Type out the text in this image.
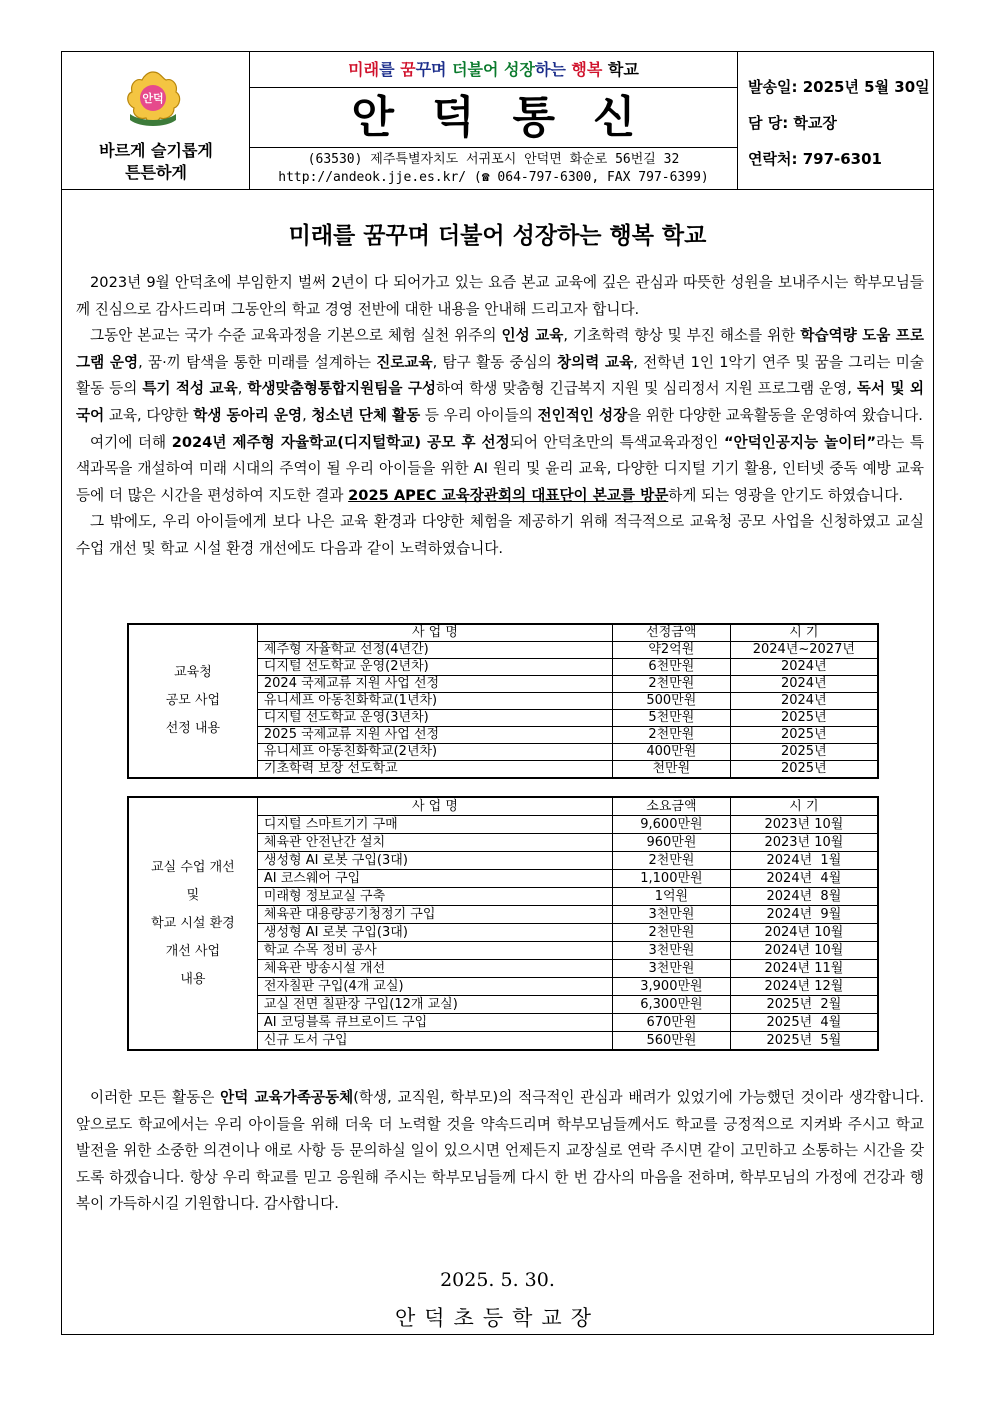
안덕
바르게 슬기롭게 튼튼하게
미래를 꿈꾸며 더불어 성장하는 행복 학교
안덕통신
(63530) 제주특별자치도 서귀포시 안덕면 화순로 56번길 32
http://andeok.jje.es.kr/ (☎ 064-797-6300, FAX 797-6399)
발송일: 2025년 5월 30일
담 당: 학교장
연락처: 797-6301
미래를 꿈꾸며 더불어 성장하는 행복 학교

2023년 9월 안덕초에 부임한지 벌써 2년이 다 되어가고 있는 요즘 본교 교육에 깊은 관심과 따뜻한 성원을 보내주시는 학부모님들께 진심으로 감사드리며 그동안의 학교 경영 전반에 대한 내용을 안내해 드리고자 합니다.

그동안 본교는 국가 수준 교육과정을 기본으로 체험 실천 위주의 인성 교육, 기초학력 향상 및 부진 해소를 위한 학습역량 도움 프로그램 운영, 꿈·끼 탐색을 통한 미래를 설계하는 진로교육, 탐구 활동 중심의 창의력 교육, 전학년 1인 1악기 연주 및 꿈을 그리는 미술 활동 등의 특기 적성 교육, 학생맞춤형통합지원팀을 구성하여 학생 맞춤형 긴급복지 지원 및 심리정서 지원 프로그램 운영, 독서 및 외국어 교육, 다양한 학생 동아리 운영, 청소년 단체 활동 등 우리 아이들의 전인적인 성장을 위한 다양한 교육활동을 운영하여 왔습니다.

여기에 더해 2024년 제주형 자율학교(디지털학교) 공모 후 선정되어 안덕초만의 특색교육과정인 “안덕인공지능 놀이터”라는 특색과목을 개설하여 미래 시대의 주역이 될 우리 아이들을 위한 AI 원리 및 윤리 교육, 다양한 디지털 기기 활용, 인터넷 중독 예방 교육 등에 더 많은 시간을 편성하여 지도한 결과 2025 APEC 교육장관회의 대표단이 본교를 방문하게 되는 영광을 안기도 하였습니다.

그 밖에도, 우리 아이들에게 보다 나은 교육 환경과 다양한 체험을 제공하기 위해 적극적으로 교육청 공모 사업을 신청하였고 교실 수업 개선 및 학교 시설 환경 개선에도 다음과 같이 노력하였습니다.

교육청
공모 사업
선정 내용	사 업 명	선정금액	시 기
	제주형 자율학교 선정(4년간)	약2억원	2024년~2027년
	디지털 선도학교 운영(2년차)	6천만원	2024년
	2024 국제교류 지원 사업 선정	2천만원	2024년
	유니세프 아동친화학교(1년차)	500만원	2024년
	디지털 선도학교 운영(3년차)	5천만원	2025년
	2025 국제교류 지원 사업 선정	2천만원	2025년
	유니세프 아동친화학교(2년차)	400만원	2025년
	기초학력 보장 선도학교	천만원	2025년
교실 수업 개선
및
학교 시설 환경
개선 사업
내용	사 업 명	소요금액	시 기
	디지털 스마트기기 구매	9,600만원	2023년 10월
	체육관 안전난간 설치	960만원	2023년 10월
	생성형 AI 로봇 구입(3대)	2천만원	2024년  1월
	AI 코스웨어 구입	1,100만원	2024년  4월
	미래형 정보교실 구축	1억원	2024년  8월
	체육관 대용량공기청정기 구입	3천만원	2024년  9월
	생성형 AI 로봇 구입(3대)	2천만원	2024년 10월
	학교 수목 정비 공사	3천만원	2024년 10월
	체육관 방송시설 개선	3천만원	2024년 11월
	전자칠판 구입(4개 교실)	3,900만원	2024년 12월
	교실 전면 칠판장 구입(12개 교실)	6,300만원	2025년  2월
	AI 코딩블록 큐브로이드 구입	670만원	2025년  4월
	신규 도서 구입	560만원	2025년  5월

이러한 모든 활동은 안덕 교육가족공동체(학생, 교직원, 학부모)의 적극적인 관심과 배려가 있었기에 가능했던 것이라 생각합니다. 앞으로도 학교에서는 우리 아이들을 위해 더욱 더 노력할 것을 약속드리며 학부모님들께서도 학교를 긍정적으로 지켜봐 주시고 학교 발전을 위한 소중한 의견이나 애로 사항 등 문의하실 일이 있으시면 언제든지 교장실로 연락 주시면 같이 고민하고 소통하는 시간을 갖도록 하겠습니다. 항상 우리 학교를 믿고 응원해 주시는 학부모님들께 다시 한 번 감사의 마음을 전하며, 학부모님의 가정에 건강과 행복이 가득하시길 기원합니다. 감사합니다.

2025. 5. 30.
안덕초등학교장
